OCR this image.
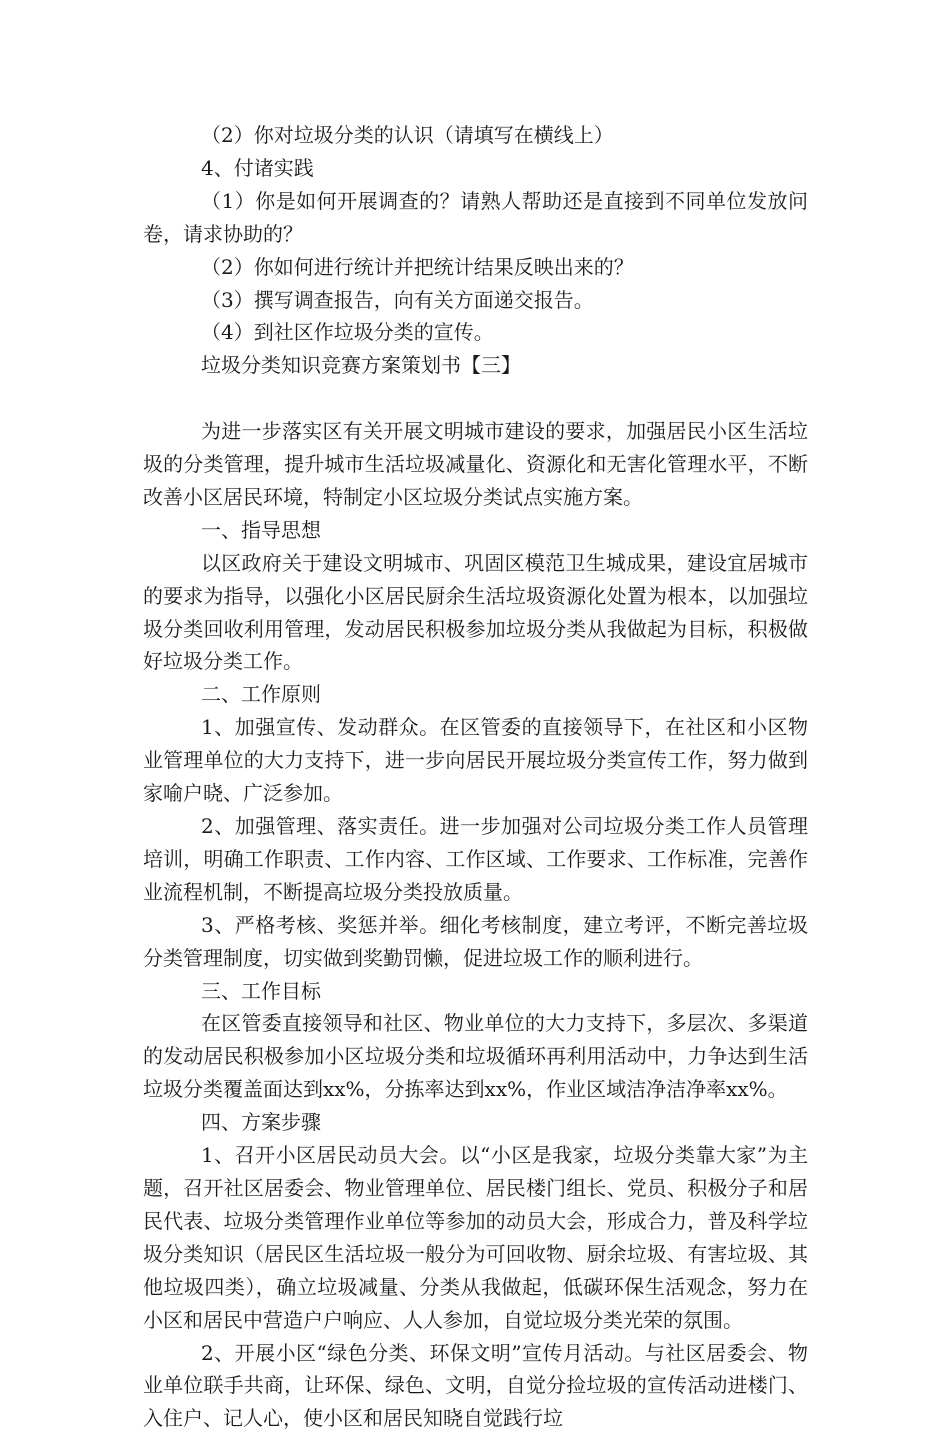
（2）你对垃圾分类的认识（请填写在横线上）

4、付诸实践

（1）你是如何开展调查的？请熟人帮助还是直接到不同单位发放问卷，请求协助的？

（2）你如何进行统计并把统计结果反映出来的？

（3）撰写调查报告，向有关方面递交报告。

（4）到社区作垃圾分类的宣传。

垃圾分类知识竞赛方案策划书【三】

为进一步落实区有关开展文明城市建设的要求，加强居民小区生活垃圾的分类管理，提升城市生活垃圾减量化、资源化和无害化管理水平，不断改善小区居民环境，特制定小区垃圾分类试点实施方案。

一、指导思想

以区政府关于建设文明城市、巩固区模范卫生城成果，建设宜居城市的要求为指导，以强化小区居民厨余生活垃圾资源化处置为根本，以加强垃圾分类回收利用管理，发动居民积极参加垃圾分类从我做起为目标，积极做好垃圾分类工作。

二、工作原则

1、加强宣传、发动群众。在区管委的直接领导下，在社区和小区物业管理单位的大力支持下，进一步向居民开展垃圾分类宣传工作，努力做到家喻户晓、广泛参加。

2、加强管理、落实责任。进一步加强对公司垃圾分类工作人员管理培训，明确工作职责、工作内容、工作区域、工作要求、工作标准，完善作业流程机制，不断提高垃圾分类投放质量。

3、严格考核、奖惩并举。细化考核制度，建立考评，不断完善垃圾分类管理制度，切实做到奖勤罚懒，促进垃圾工作的顺利进行。

三、工作目标

在区管委直接领导和社区、物业单位的大力支持下，多层次、多渠道的发动居民积极参加小区垃圾分类和垃圾循环再利用活动中，力争达到生活垃圾分类覆盖面达到xx%，分拣率达到xx%，作业区域洁净洁净率xx%。

四、方案步骤

1、召开小区居民动员大会。以“小区是我家，垃圾分类靠大家”为主题，召开社区居委会、物业管理单位、居民楼门组长、党员、积极分子和居民代表、垃圾分类管理作业单位等参加的动员大会，形成合力，普及科学垃圾分类知识（居民区生活垃圾一般分为可回收物、厨余垃圾、有害垃圾、其他垃圾四类），确立垃圾减量、分类从我做起，低碳环保生活观念，努力在小区和居民中营造户户响应、人人参加，自觉垃圾分类光荣的氛围。

2、开展小区“绿色分类、环保文明”宣传月活动。与社区居委会、物业单位联手共商，让环保、绿色、文明，自觉分捡垃圾的宣传活动进楼门、入住户、记人心，使小区和居民知晓自觉践行垃
